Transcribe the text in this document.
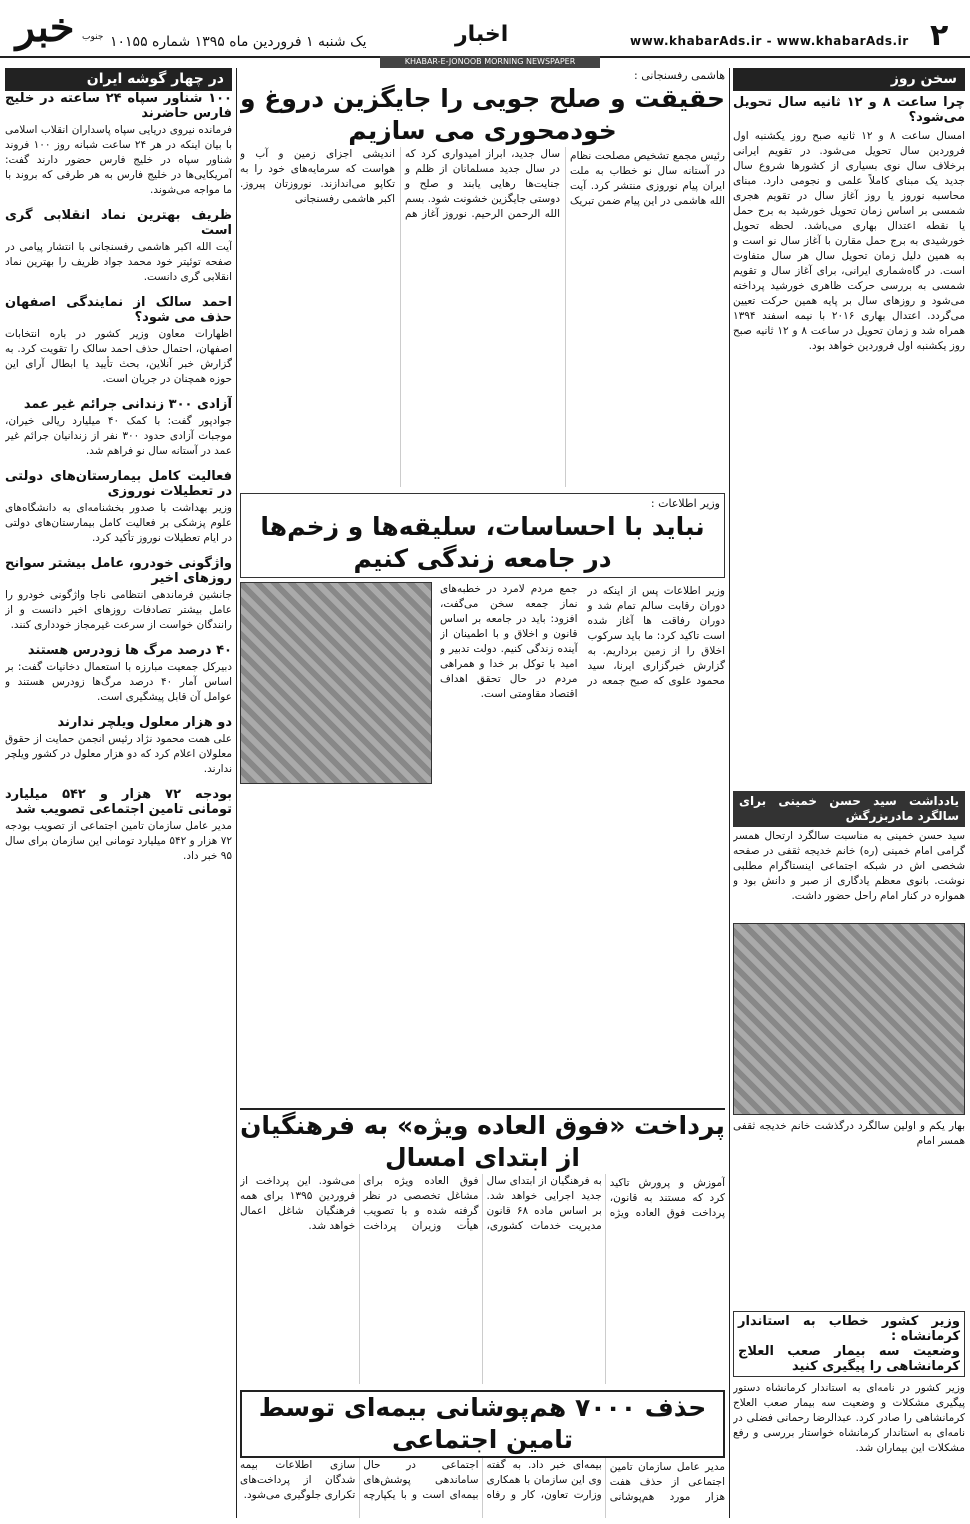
خبر جنوب یک شنبه ۱ فروردین ماه ۱۳۹۵ شماره ۱۰۱۵۵	اخبار	www.khabarAds.ir - www.khabarAds.ir ۲
KHABAR-E-JONOOB MORNING NEWSPAPER
سخن روز
چرا ساعت ۸ و ۱۲ ثانیه سال تحویل می‌شود؟

امسال ساعت ۸ و ۱۲ ثانیه صبح روز یکشنبه اول فروردین سال تحویل می‌شود. در تقویم ایرانی برخلاف سال نوی بسیاری از کشورها شروع سال جدید یک مبنای کاملاً علمی و نجومی دارد. مبنای محاسبه نوروز یا روز آغاز سال در تقویم هجری شمسی بر اساس زمان تحویل خورشید به برج حمل یا نقطه اعتدال بهاری می‌باشد. لحظه تحویل خورشیدی به برج حمل مقارن با آغاز سال نو است و به همین دلیل زمان تحویل سال هر سال متفاوت است. در گاه‌شماری ایرانی، برای آغاز سال و تقویم شمسی به بررسی حرکت ظاهری خورشید پرداخته می‌شود و روزهای سال بر پایه همین حرکت تعیین می‌گردد. اعتدال بهاری ۲۰۱۶ با نیمه اسفند ۱۳۹۴ همراه شد و زمان تحویل در ساعت ۸ و ۱۲ ثانیه صبح روز یکشنبه اول فروردین خواهد بود.

یادداشت سید حسن خمینی برای سالگرد مادربزرگش

سید حسن خمینی به مناسبت سالگرد ارتحال همسر گرامی امام خمینی (ره) خانم خدیجه ثقفی در صفحه شخصی اش در شبکه اجتماعی اینستاگرام مطلبی نوشت. بانوی معظم یادگاری از صبر و دانش بود و همواره در کنار امام راحل حضور داشت.

بهار یکم و اولین سالگرد درگذشت خانم خدیجه ثقفی همسر امام

وزیر کشور خطاب به استاندار کرمانشاه :
وضعیت سه بیمار صعب العلاج کرمانشاهی را پیگیری کنید

وزیر کشور در نامه‌ای به استاندار کرمانشاه دستور پیگیری مشکلات و وضعیت سه بیمار صعب العلاج کرمانشاهی را صادر کرد. عبدالرضا رحمانی فضلی در نامه‌ای به استاندار کرمانشاه خواستار بررسی و رفع مشکلات این بیماران شد.

هاشمی رفسنجانی :
حقیقت و صلح جویی را جایگزین دروغ و خودمحوری می سازیم

رئیس مجمع تشخیص مصلحت نظام در آستانه سال نو خطاب به ملت ایران پیام نوروزی منتشر کرد. آیت الله هاشمی در این پیام ضمن تبریک سال جدید، ابراز امیدواری کرد که در سال جدید مسلمانان از ظلم و جنایت‌ها رهایی یابند و صلح و دوستی جایگزین خشونت شود. بسم الله الرحمن الرحیم. نوروز آغاز هم اندیشی اجزای زمین و آب و هواست که سرمایه‌های خود را به تکاپو می‌اندازند. نوروزتان پیروز. اکبر هاشمی رفسنجانی

وزیر اطلاعات :
نباید با احساسات، سلیقه‌ها و زخم‌ها در جامعه زندگی کنیم

وزیر اطلاعات پس از اینکه در دوران رقابت سالم تمام شد و دوران رفاقت ها آغاز شده است تاکید کرد: ما باید سرکوب اخلاق را از زمین برداریم. به گزارش خبرگزاری ایرنا، سید محمود علوی که صبح جمعه در جمع مردم لامرد در خطبه‌های نماز جمعه سخن می‌گفت، افزود: باید در جامعه بر اساس قانون و اخلاق و با اطمینان از آینده زندگی کنیم. دولت تدبیر و امید با توکل بر خدا و همراهی مردم در حال تحقق اهداف اقتصاد مقاومتی است.

پرداخت «فوق العاده ویژه» به فرهنگیان از ابتدای امسال

آموزش و پرورش تاکید کرد که مستند به قانون، پرداخت فوق العاده ویژه به فرهنگیان از ابتدای سال جدید اجرایی خواهد شد. بر اساس ماده ۶۸ قانون مدیریت خدمات کشوری، فوق العاده ویژه برای مشاغل تخصصی در نظر گرفته شده و با تصویب هیأت وزیران پرداخت می‌شود. این پرداخت از فروردین ۱۳۹۵ برای همه فرهنگیان شاغل اعمال خواهد شد.

حذف ۷۰۰۰ هم‌پوشانی بیمه‌ای توسط تامین اجتماعی

مدیر عامل سازمان تامین اجتماعی از حذف هفت هزار مورد هم‌پوشانی بیمه‌ای خبر داد. به گفته وی این سازمان با همکاری وزارت تعاون، کار و رفاه اجتماعی در حال ساماندهی پوشش‌های بیمه‌ای است و با یکپارچه سازی اطلاعات بیمه شدگان از پرداخت‌های تکراری جلوگیری می‌شود.

در چهار گوشه ایران
۱۰۰ شناور سپاه ۲۴ ساعته در خلیج فارس حاضرند

فرمانده نیروی دریایی سپاه پاسداران انقلاب اسلامی با بیان اینکه در هر ۲۴ ساعت شبانه روز ۱۰۰ فروند شناور سپاه در خلیج فارس حضور دارند گفت: آمریکایی‌ها در خلیج فارس به هر طرفی که بروند با ما مواجه می‌شوند.

ظریف بهترین نماد انقلابی گری است

آیت الله اکبر هاشمی رفسنجانی با انتشار پیامی در صفحه توئیتر خود محمد جواد ظریف را بهترین نماد انقلابی گری دانست.

احمد سالک از نمایندگی اصفهان حذف می شود؟

اظهارات معاون وزیر کشور در باره انتخابات اصفهان، احتمال حذف احمد سالک را تقویت کرد. به گزارش خبر آنلاین، بحث تأیید یا ابطال آرای این حوزه همچنان در جریان است.

آزادی ۳۰۰ زندانی جرائم غیر عمد

جوادپور گفت: با کمک ۴۰ میلیارد ریالی خیران، موجبات آزادی حدود ۳۰۰ نفر از زندانیان جرائم غیر عمد در آستانه سال نو فراهم شد.

فعالیت کامل بیمارستان‌های دولتی در تعطیلات نوروزی

وزیر بهداشت با صدور بخشنامه‌ای به دانشگاه‌های علوم پزشکی بر فعالیت کامل بیمارستان‌های دولتی در ایام تعطیلات نوروز تأکید کرد.

واژگونی خودرو، عامل بیشتر سوانح روزهای اخیر

جانشین فرماندهی انتظامی ناجا واژگونی خودرو را عامل بیشتر تصادفات روزهای اخیر دانست و از رانندگان خواست از سرعت غیرمجاز خودداری کنند.

۴۰ درصد مرگ ها زودرس هستند

دبیرکل جمعیت مبارزه با استعمال دخانیات گفت: بر اساس آمار ۴۰ درصد مرگ‌ها زودرس هستند و عوامل آن قابل پیشگیری است.

دو هزار معلول ویلچر ندارند

علی همت محمود نژاد رئیس انجمن حمایت از حقوق معلولان اعلام کرد که دو هزار معلول در کشور ویلچر ندارند.

بودجه ۷۲ هزار و ۵۴۲ میلیارد تومانی تامین اجتماعی تصویب شد

مدیر عامل سازمان تامین اجتماعی از تصویب بودجه ۷۲ هزار و ۵۴۲ میلیارد تومانی این سازمان برای سال ۹۵ خبر داد.
